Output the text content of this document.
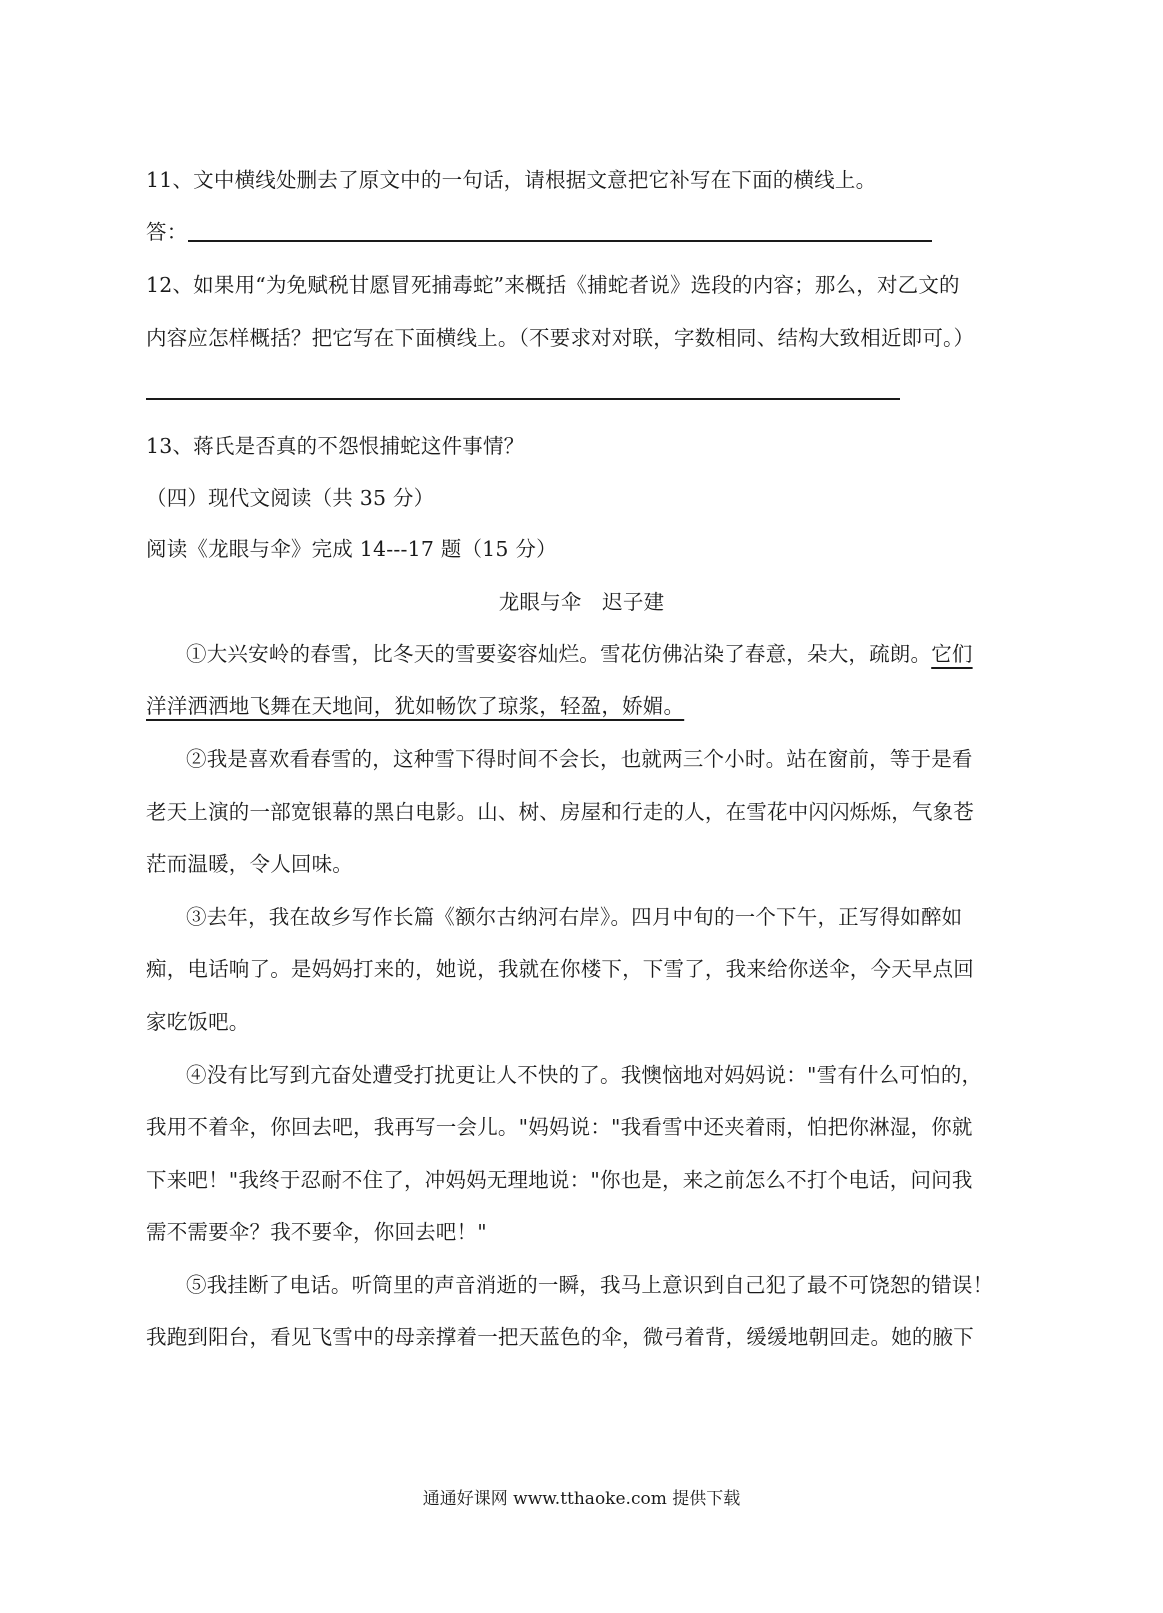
11、文中横线处删去了原文中的一句话，请根据文意把它补写在下面的横线上。
答：
12、如果用“为免赋税甘愿冒死捕毒蛇”来概括《捕蛇者说》选段的内容；那么，对乙文的
内容应怎样概括？把它写在下面横线上。（不要求对对联，字数相同、结构大致相近即可。）
13、蒋氏是否真的不怨恨捕蛇这件事情？
（四）现代文阅读（共 35 分）
阅读《龙眼与伞》完成 14---17 题（15 分）
龙眼与伞　迟子建
①大兴安岭的春雪，比冬天的雪要姿容灿烂。雪花仿佛沾染了春意，朵大，疏朗。它们
洋洋洒洒地飞舞在天地间，犹如畅饮了琼浆，轻盈，娇媚。
②我是喜欢看春雪的，这种雪下得时间不会长，也就两三个小时。站在窗前，等于是看
老天上演的一部宽银幕的黑白电影。山、树、房屋和行走的人，在雪花中闪闪烁烁，气象苍
茫而温暖，令人回味。
③去年，我在故乡写作长篇《额尔古纳河右岸》。四月中旬的一个下午，正写得如醉如
痴，电话响了。是妈妈打来的，她说，我就在你楼下，下雪了，我来给你送伞，今天早点回
家吃饭吧。
④没有比写到亢奋处遭受打扰更让人不快的了。我懊恼地对妈妈说："雪有什么可怕的，
我用不着伞，你回去吧，我再写一会儿。"妈妈说："我看雪中还夹着雨，怕把你淋湿，你就
下来吧！"我终于忍耐不住了，冲妈妈无理地说："你也是，来之前怎么不打个电话，问问我
需不需要伞？我不要伞，你回去吧！"
⑤我挂断了电话。听筒里的声音消逝的一瞬，我马上意识到自己犯了最不可饶恕的错误！
我跑到阳台，看见飞雪中的母亲撑着一把天蓝色的伞，微弓着背，缓缓地朝回走。她的腋下
通通好课网 www.tthaoke.com 提供下载
